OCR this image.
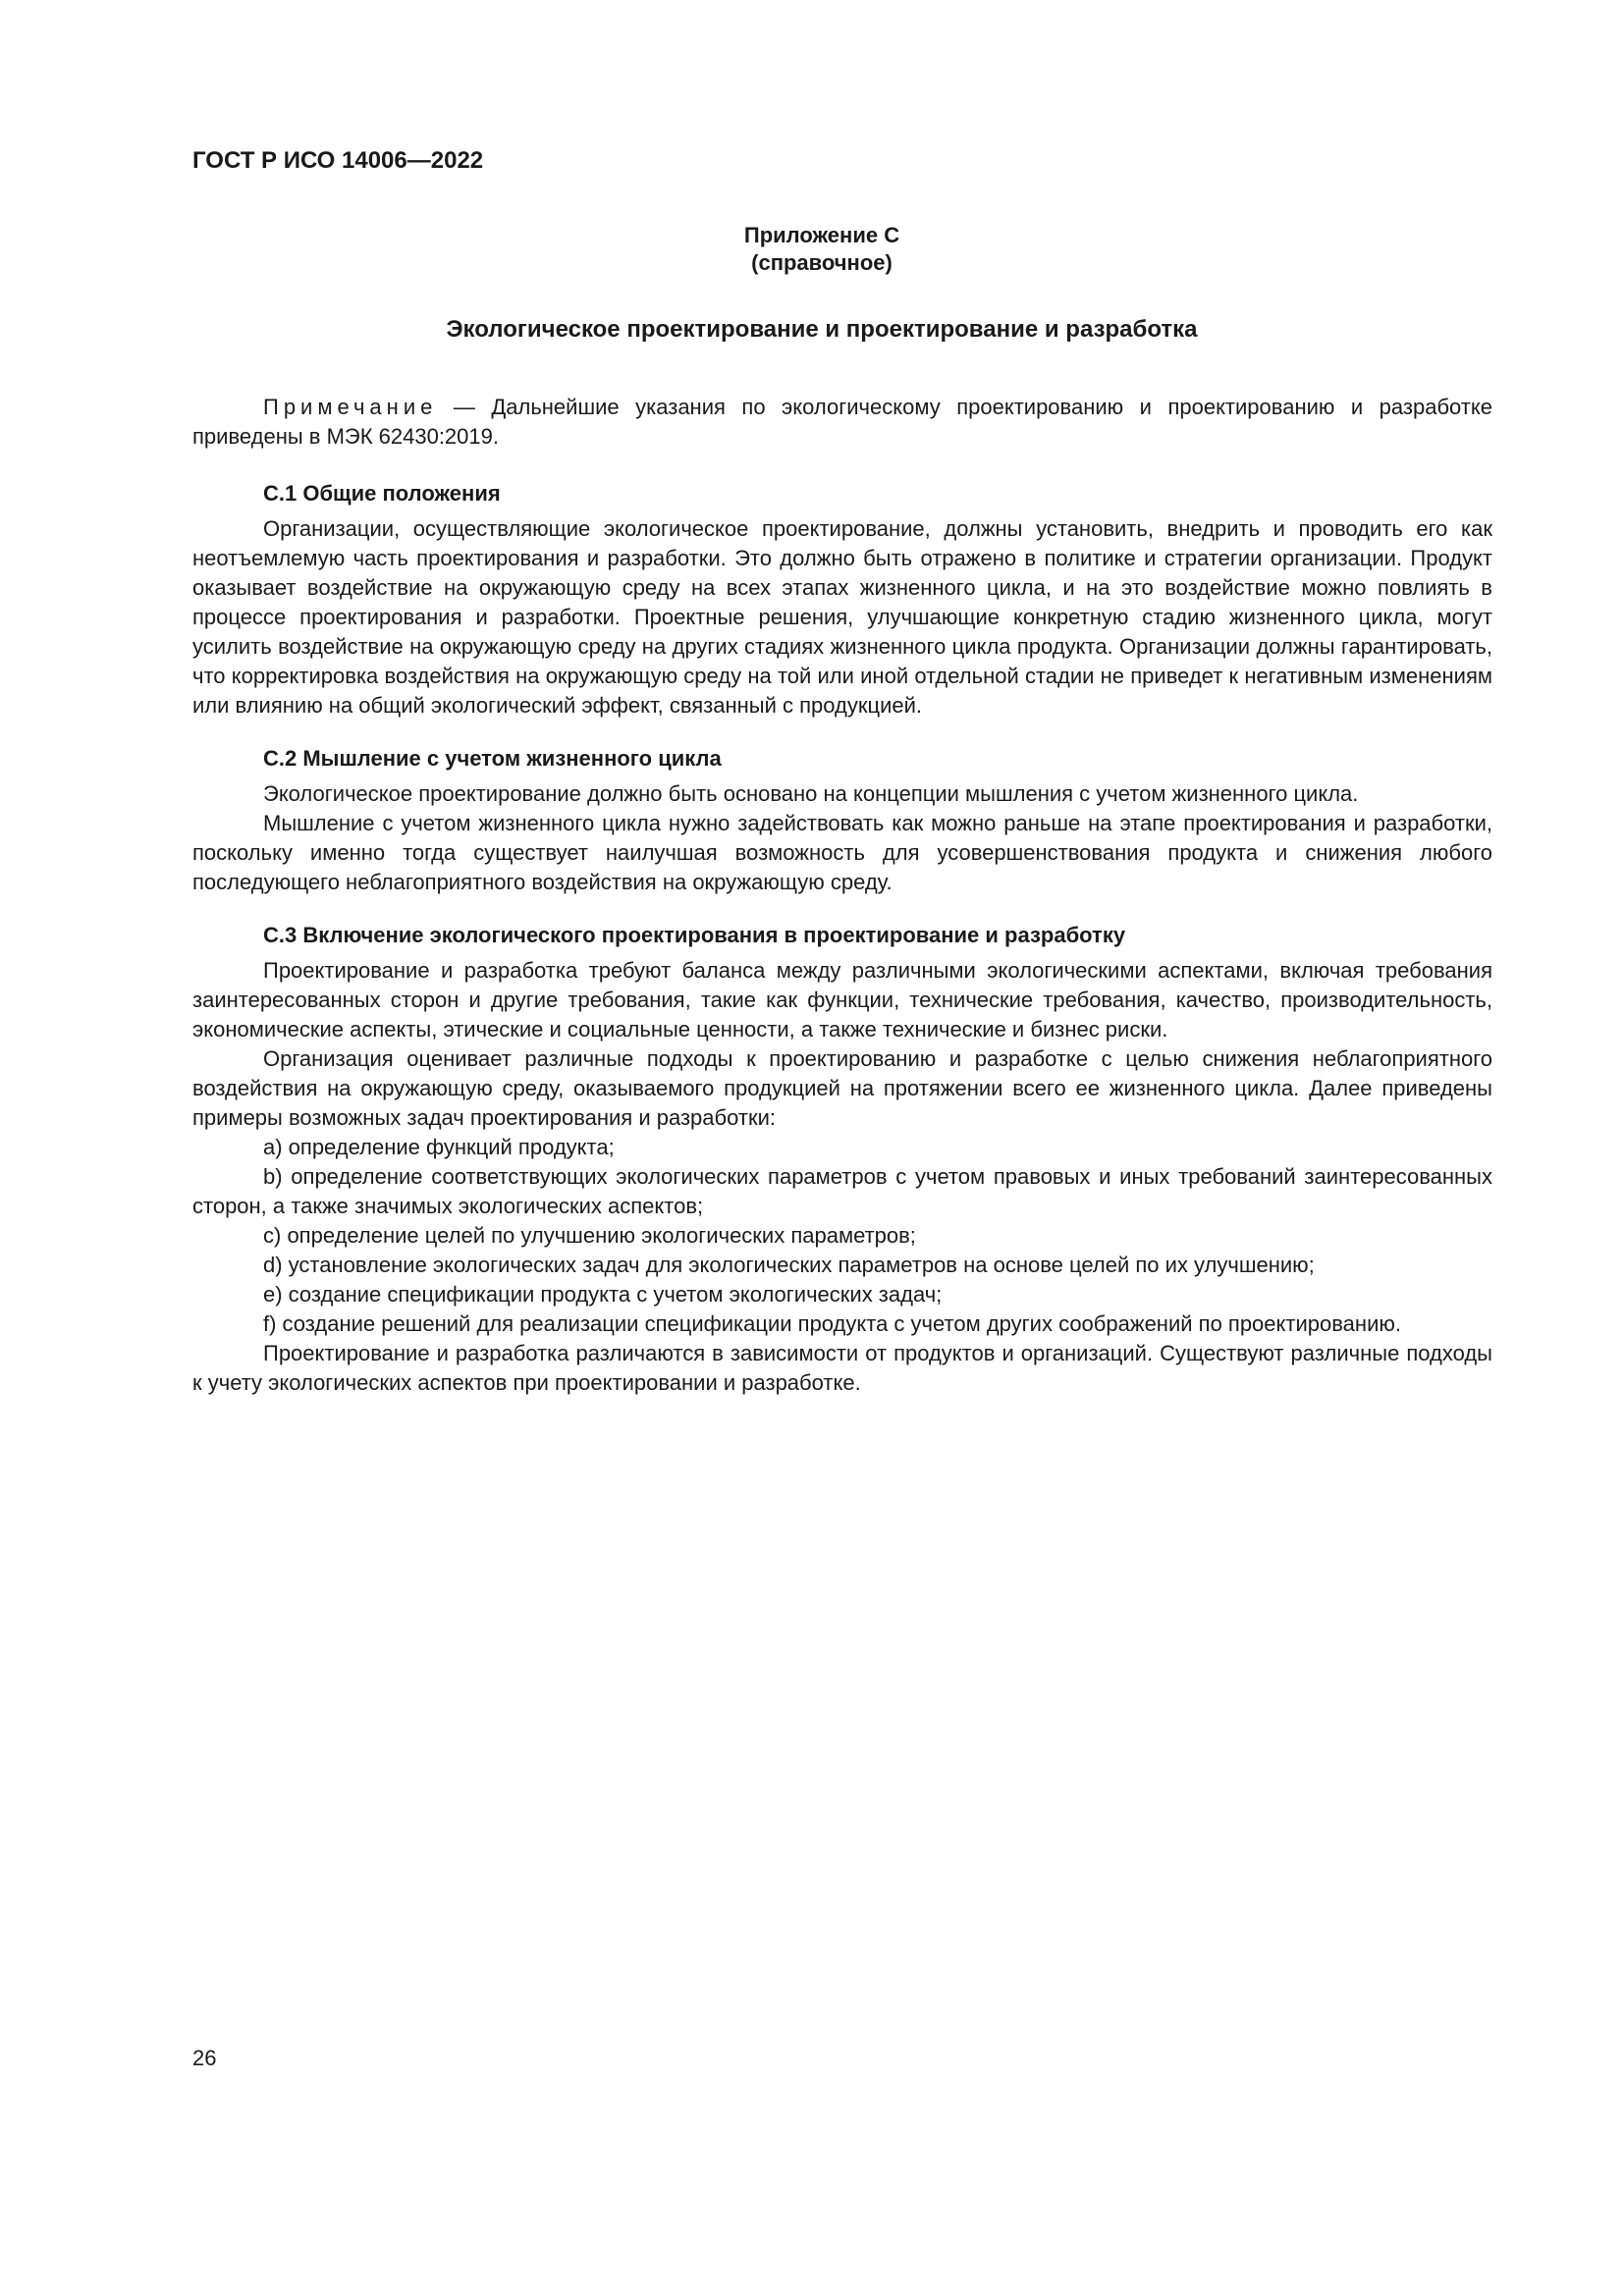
ГОСТ Р ИСО 14006—2022
Приложение С
(справочное)
Экологическое проектирование и проектирование и разработка

Примечание — Дальнейшие указания по экологическому проектированию и проектированию и разработке приведены в МЭК 62430:2019.

С.1 Общие положения

Организации, осуществляющие экологическое проектирование, должны установить, внедрить и проводить его как неотъемлемую часть проектирования и разработки. Это должно быть отражено в политике и стратегии организации. Продукт оказывает воздействие на окружающую среду на всех этапах жизненного цикла, и на это воздействие можно повлиять в процессе проектирования и разработки. Проектные решения, улучшающие конкретную стадию жизненного цикла, могут усилить воздействие на окружающую среду на других стадиях жизненного цикла продукта. Организации должны гарантировать, что корректировка воздействия на окружающую среду на той или иной отдельной стадии не приведет к негативным изменениям или влиянию на общий экологический эффект, связанный с продукцией.

С.2 Мышление с учетом жизненного цикла

Экологическое проектирование должно быть основано на концепции мышления с учетом жизненного цикла.

Мышление с учетом жизненного цикла нужно задействовать как можно раньше на этапе проектирования и разработки, поскольку именно тогда существует наилучшая возможность для усовершенствования продукта и снижения любого последующего неблагоприятного воздействия на окружающую среду.

С.3 Включение экологического проектирования в проектирование и разработку

Проектирование и разработка требуют баланса между различными экологическими аспектами, включая требования заинтересованных сторон и другие требования, такие как функции, технические требования, качество, производительность, экономические аспекты, этические и социальные ценности, а также технические и бизнес риски.

Организация оценивает различные подходы к проектированию и разработке с целью снижения неблагоприятного воздействия на окружающую среду, оказываемого продукцией на протяжении всего ее жизненного цикла. Далее приведены примеры возможных задач проектирования и разработки:

а) определение функций продукта;

b) определение соответствующих экологических параметров с учетом правовых и иных требований заинтересованных сторон, а также значимых экологических аспектов;

c) определение целей по улучшению экологических параметров;

d) установление экологических задач для экологических параметров на основе целей по их улучшению;

e) создание спецификации продукта с учетом экологических задач;

f) создание решений для реализации спецификации продукта с учетом других соображений по проектированию.

Проектирование и разработка различаются в зависимости от продуктов и организаций. Существуют различные подходы к учету экологических аспектов при проектировании и разработке.

26
